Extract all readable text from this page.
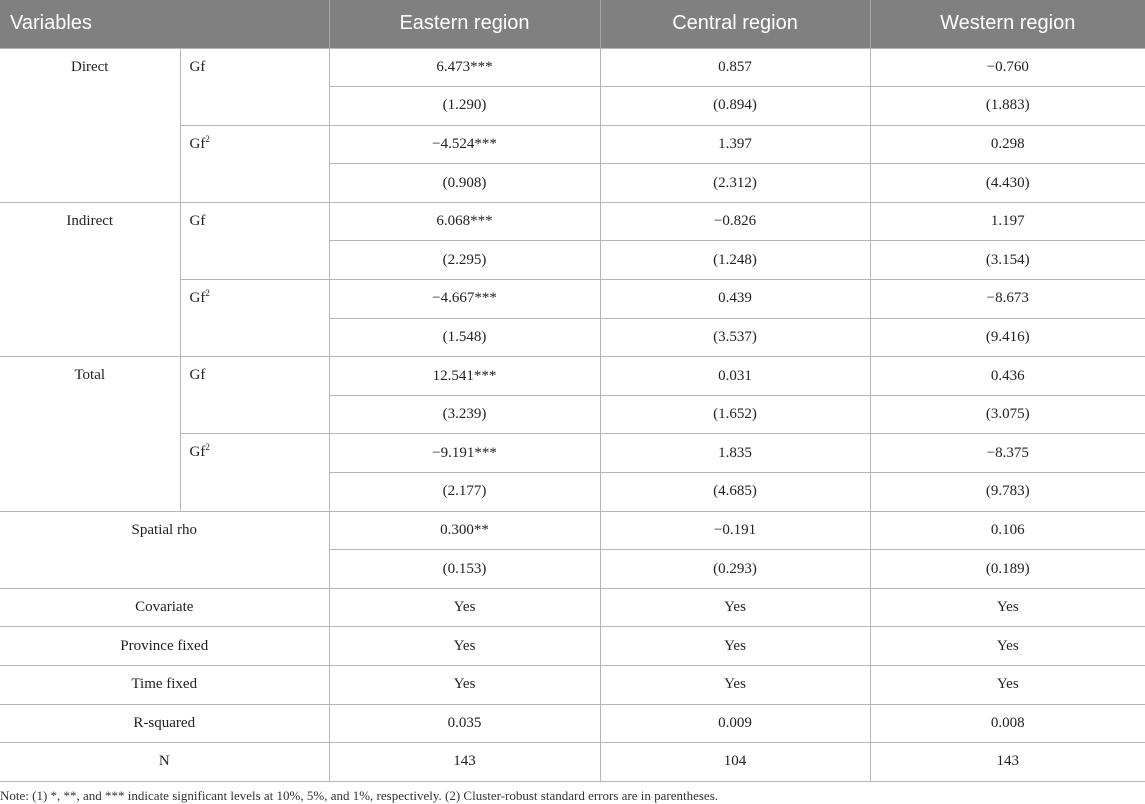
Variables		Eastern region	Central region	Western region
Direct	Gf	6.473***	0.857	−0.760
		(1.290)	(0.894)	(1.883)
	$Gf^2$	−4.524***	1.397	0.298
		(0.908)	(2.312)	(4.430)
Indirect	Gf	6.068***	−0.826	1.197
		(2.295)	(1.248)	(3.154)
	$Gf^2$	−4.667***	0.439	−8.673
		(1.548)	(3.537)	(9.416)
Total	Gf	12.541***	0.031	0.436
		(3.239)	(1.652)	(3.075)
	$Gf^2$	−9.191***	1.835	−8.375
		(2.177)	(4.685)	(9.783)
Spatial rho		0.300**	−0.191	0.106
		(0.153)	(0.293)	(0.189)
Covariate		Yes	Yes	Yes
Province fixed		Yes	Yes	Yes
Time fixed		Yes	Yes	Yes
R-squared		0.035	0.009	0.008
N		143	104	143
Note: (1) *, **, and *** indicate significant levels at 10%, 5%, and 1%, respectively. (2) Cluster-robust standard errors are in parentheses.
